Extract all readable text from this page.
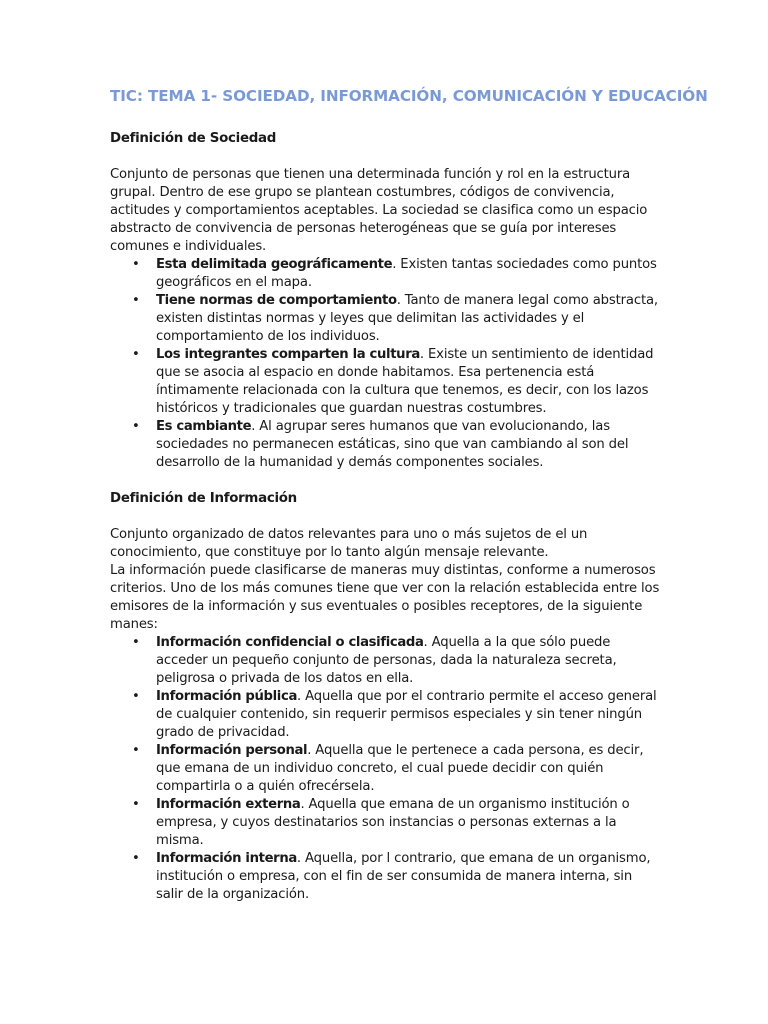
TIC: TEMA 1- SOCIEDAD, INFORMACIÓN, COMUNICACIÓN Y EDUCACIÓN
Definición de Sociedad

Conjunto de personas que tienen una determinada función y rol en la estructura grupal. Dentro de ese grupo se plantean costumbres, códigos de convivencia, actitudes y comportamientos aceptables. La sociedad se clasifica como un espacio abstracto de convivencia de personas heterogéneas que se guía por intereses comunes e individuales.

•	Esta delimitada geográficamente. Existen tantas sociedades como puntos geográficos en el mapa.
•	Tiene normas de comportamiento. Tanto de manera legal como abstracta, existen distintas normas y leyes que delimitan las actividades y el comportamiento de los individuos.
•	Los integrantes comparten la cultura. Existe un sentimiento de identidad que se asocia al espacio en donde habitamos. Esa pertenencia está íntimamente relacionada con la cultura que tenemos, es decir, con los lazos históricos y tradicionales que guardan nuestras costumbres.
•	Es cambiante. Al agrupar seres humanos que van evolucionando, las sociedades no permanecen estáticas, sino que van cambiando al son del desarrollo de la humanidad y demás componentes sociales.
Definición de Información

Conjunto organizado de datos relevantes para uno o más sujetos de el un conocimiento, que constituye por lo tanto algún mensaje relevante.

La información puede clasificarse de maneras muy distintas, conforme a numerosos criterios. Uno de los más comunes tiene que ver con la relación establecida entre los emisores de la información y sus eventuales o posibles receptores, de la siguiente manes:

•	Información confidencial o clasificada. Aquella a la que sólo puede acceder un pequeño conjunto de personas, dada la naturaleza secreta, peligrosa o privada de los datos en ella.
•	Información pública. Aquella que por el contrario permite el acceso general de cualquier contenido, sin requerir permisos especiales y sin tener ningún grado de privacidad.
•	Información personal. Aquella que le pertenece a cada persona, es decir, que emana de un individuo concreto, el cual puede decidir con quién compartirla o a quién ofrecérsela.
•	Información externa. Aquella que emana de un organismo institución o empresa, y cuyos destinatarios son instancias o personas externas a la misma.
•	Información interna. Aquella, por l contrario, que emana de un organismo, institución o empresa, con el fin de ser consumida de manera interna, sin salir de la organización.
